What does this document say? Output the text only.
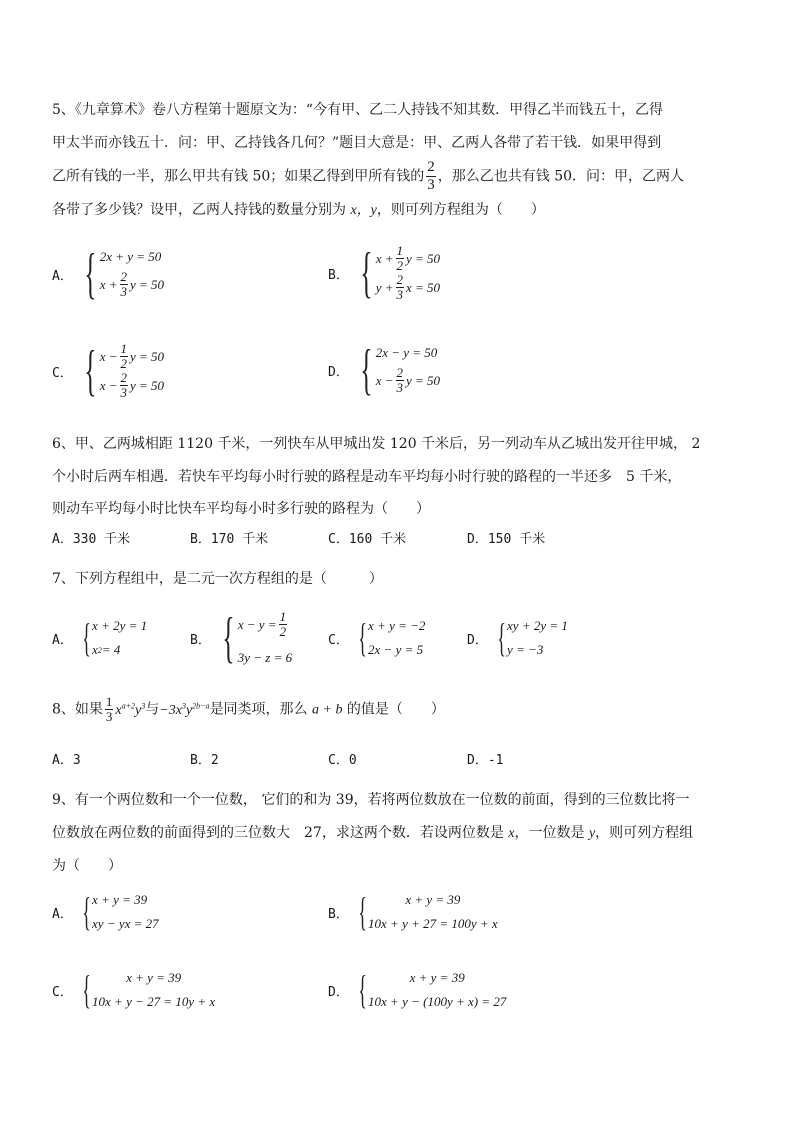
5、《九章算术》卷八方程第十题原文为：“今有甲、乙二人持钱不知其数．甲得乙半而钱五十，乙得

甲太半而亦钱五十．问：甲、乙持钱各几何？”题目大意是：甲、乙两人各带了若干钱．如果甲得到

乙所有钱的一半，那么甲共有钱 50；如果乙得到甲所有钱的 $\frac{2}{3}$ ，那么乙也共有钱 50．问：甲，乙两人

各带了多少钱？设甲，乙两人持钱的数量分别为 x，y，则可列方程组为（　　）

A． { 2x + y = 50
$x + \frac{2}{3}$ y = 50
B． { $x + \frac{1}{2}$ y = 50
$y + \frac{2}{3}$ x = 50
C． { $x - \frac{1}{2}$ y = 50
$x - \frac{2}{3}$ y = 50
D． { 2x − y = 50
$x - \frac{2}{3}$ y = 50

6、甲、乙两城相距 1120 千米，一列快车从甲城出发 120 千米后，另一列动车从乙城出发开往甲城， 2

个小时后两车相遇．若快车平均每小时行驶的路程是动车平均每小时行驶的路程的一半还多　5 千米，

则动车平均每小时比快车平均每小时多行驶的路程为（　　）

A．330 千米	B．170 千米	C．160 千米	D．150 千米

7、下列方程组中，是二元一次方程组的是（　　　）

A． { x + 2y = 1
x 2 = 4
B． { $x - y = \frac{1}{2}$
3y − z = 6
C． { x + y = −2
2x − y = 5
D． { xy + 2y = 1
y = −3

8、如果 $\frac{1}{3} x^{a+2}y^3$与$-3x^3y^{2b-a}$是同类项，那么 a + b 的值是（　　）

A．3	B．2	C．0	D．-1

9、有一个两位数和一个一位数， 它们的和为 39，若将两位数放在一位数的前面，得到的三位数比将一

位数放在两位数的前面得到的三位数大　27，求这两个数．若设两位数是 x，一位数是 y，则可列方程组

为（　　）

A． { x + y = 39
xy − yx = 27
B． {	x + y = 39
10x + y + 27 = 100y + x
C． {	x + y = 39
10x + y − 27 = 10y + x
D． {	x + y = 39
10x + y − (100y + x) = 27
